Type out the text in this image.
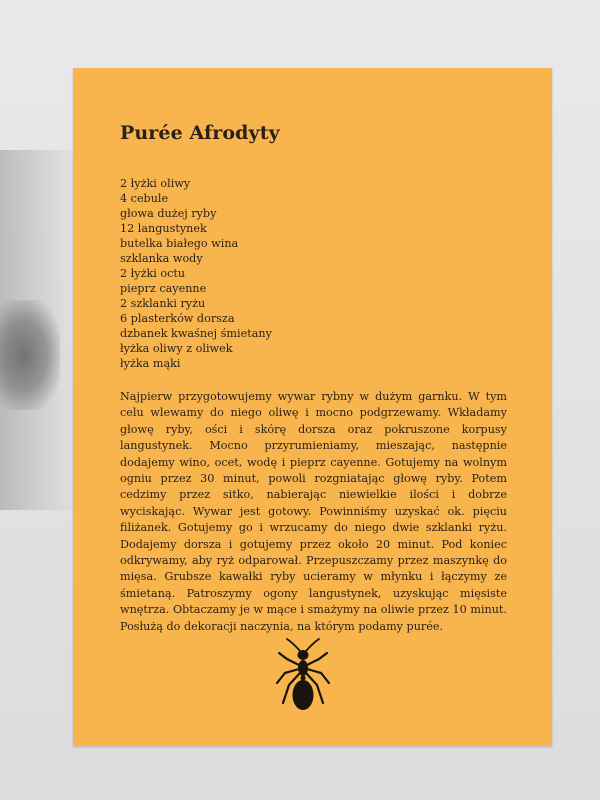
Purée Afrodyty
2 łyżki oliwy
4 cebule
głowa dużej ryby
12 langustynek
butelka białego wina
szklanka wody
2 łyżki octu
pieprz cayenne
2 szklanki ryżu
6 plasterków dorsza
dzbanek kwaśnej śmietany
łyżka oliwy z oliwek
łyżka mąki

Najpierw przygotowujemy wywar rybny w dużym garnku. W tym celu wlewamy do niego oliwę i mocno podgrzewamy. Wkładamy głowę ryby, ości i skórę dorsza oraz pokruszone korpusy langustynek. Mocno przyrumieniamy, mieszając, następnie dodajemy wino, ocet, wodę i pieprz cayenne. Gotujemy na wolnym ogniu przez 30 minut, powoli rozgniatając głowę ryby. Potem cedzimy przez sitko, nabierając niewielkie ilości i dobrze wyciskając. Wywar jest gotowy. Powinniśmy uzyskać ok. pięciu filiżanek. Gotujemy go i wrzucamy do niego dwie szklanki ryżu. Dodajemy dorsza i gotujemy przez około 20 minut. Pod koniec odkrywamy, aby ryż odparował. Przepuszczamy przez maszynkę do mięsa. Grubsze kawałki ryby ucieramy w młynku i łączymy ze śmietaną. Patroszymy ogony langustynek, uzyskując mięsiste wnętrza. Obtaczamy je w mące i smażymy na oliwie przez 10 minut. Posłużą do dekoracji naczynia, na którym podamy purée.
